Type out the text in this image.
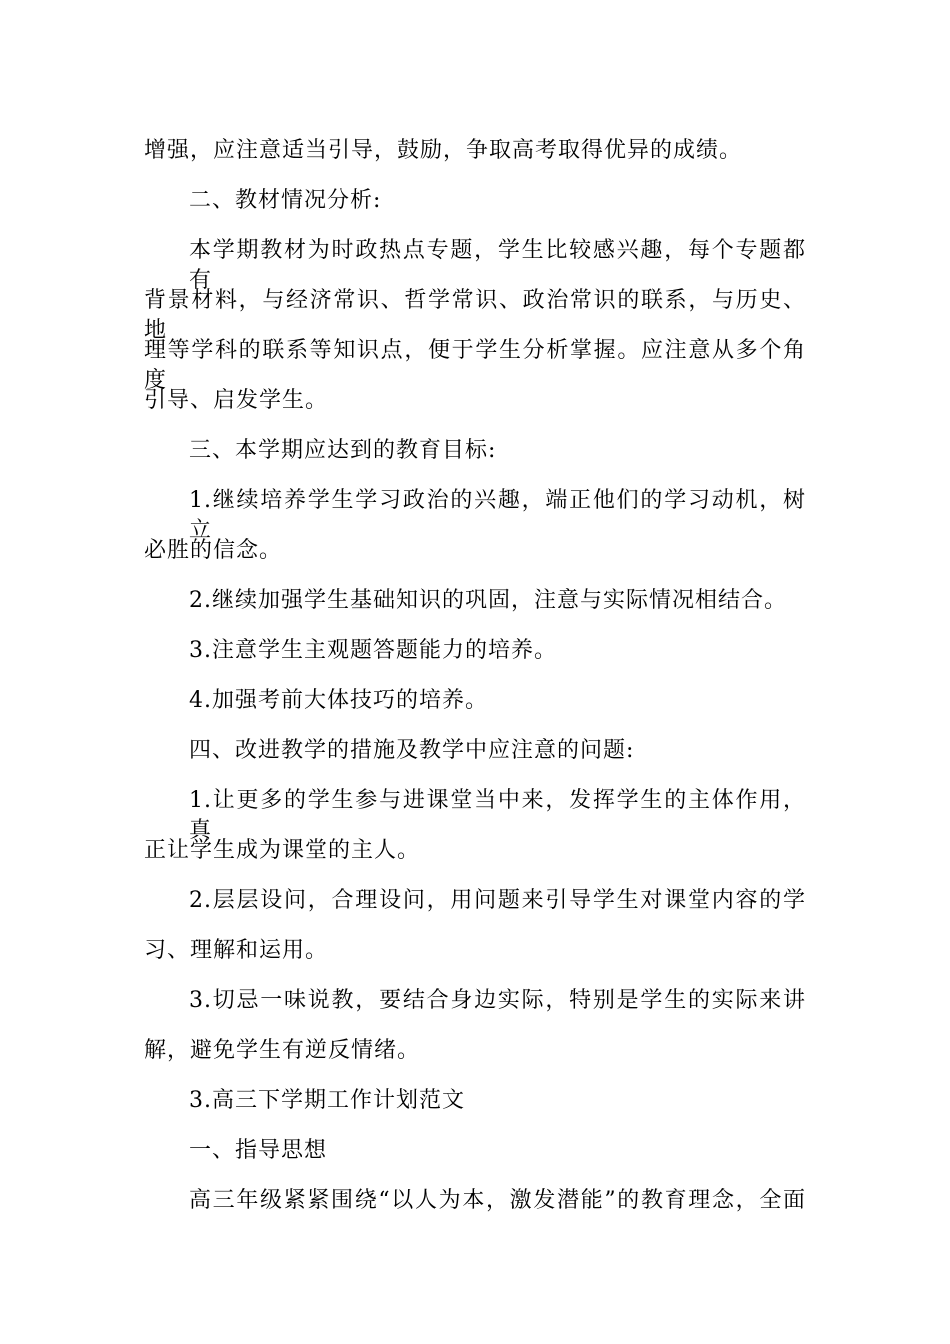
增强，应注意适当引导，鼓励，争取高考取得优异的成绩。
二、教材情况分析:
本学期教材为时政热点专题，学生比较感兴趣，每个专题都有
背景材料，与经济常识、哲学常识、政治常识的联系，与历史、地
理等学科的联系等知识点，便于学生分析掌握。应注意从多个角度
引导、启发学生。
三、本学期应达到的教育目标:
1.继续培养学生学习政治的兴趣，端正他们的学习动机，树立
必胜的信念。
2.继续加强学生基础知识的巩固，注意与实际情况相结合。
3.注意学生主观题答题能力的培养。
4.加强考前大体技巧的培养。
四、改进教学的措施及教学中应注意的问题:
1.让更多的学生参与进课堂当中来，发挥学生的主体作用，真
正让学生成为课堂的主人。
2.层层设问，合理设问，用问题来引导学生对课堂内容的学
习、理解和运用。
3.切忌一味说教，要结合身边实际，特别是学生的实际来讲
解，避免学生有逆反情绪。
3.高三下学期工作计划范文
一、指导思想
高三年级紧紧围绕“以人为本，激发潜能”的教育理念，全面
